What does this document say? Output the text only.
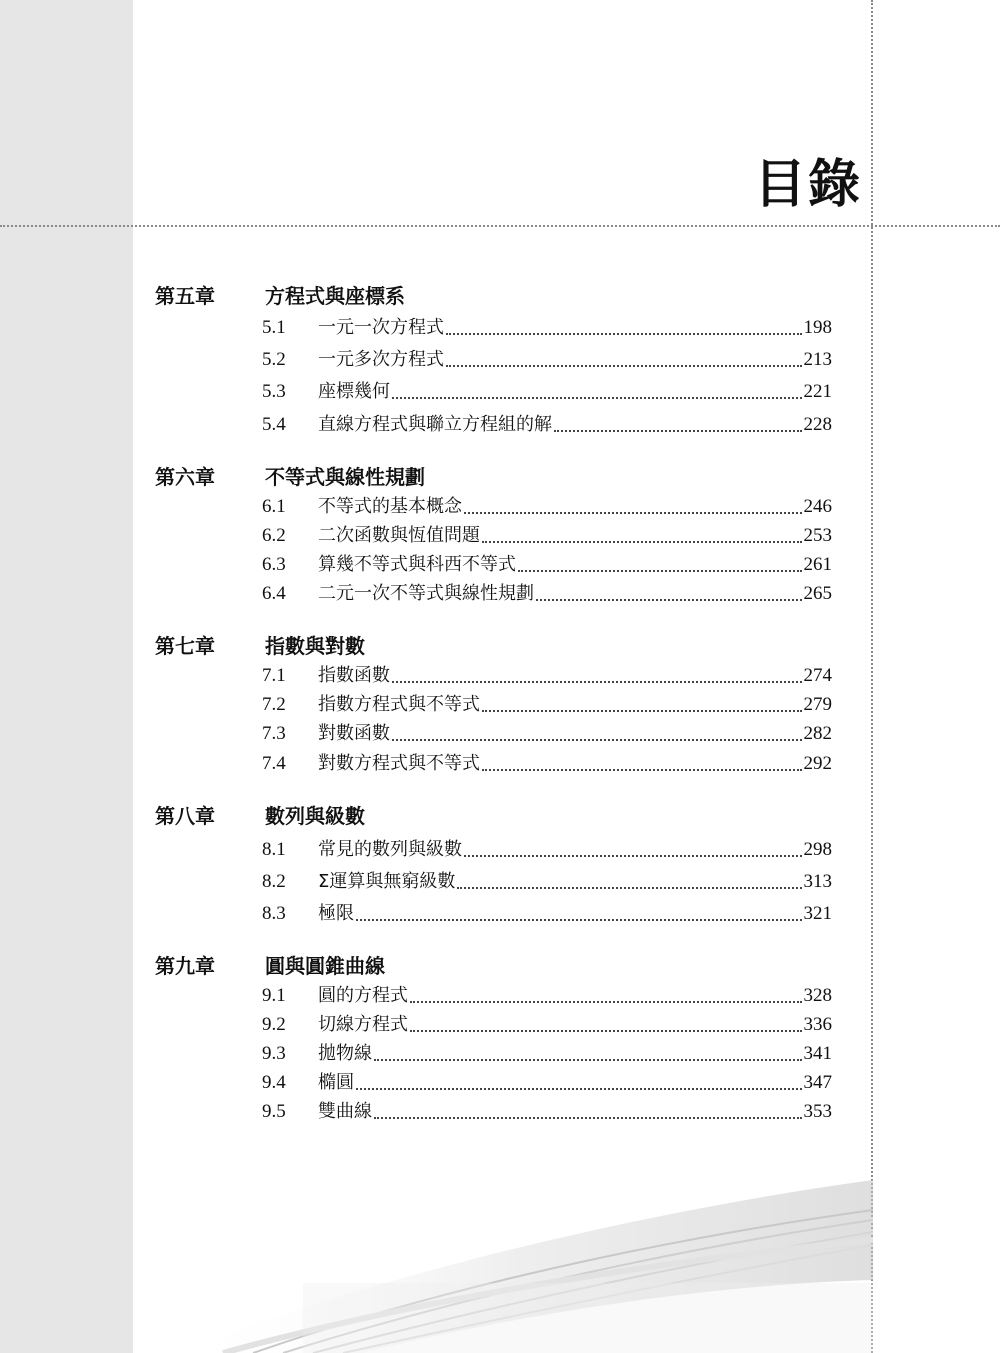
目錄
第五章	方程式與座標系
5.1	一元一次方程式	198
5.2	一元多次方程式	213
5.3	座標幾何	221
5.4	直線方程式與聯立方程組的解	228
第六章	不等式與線性規劃
6.1	不等式的基本概念	246
6.2	二次函數與恆值問題	253
6.3	算幾不等式與科西不等式	261
6.4	二元一次不等式與線性規劃	265
第七章	指數與對數
7.1	指數函數	274
7.2	指數方程式與不等式	279
7.3	對數函數	282
7.4	對數方程式與不等式	292
第八章	數列與級數
8.1	常見的數列與級數	298
8.2	Σ運算與無窮級數	313
8.3	極限	321
第九章	圓與圓錐曲線
9.1	圓的方程式	328
9.2	切線方程式	336
9.3	拋物線	341
9.4	橢圓	347
9.5	雙曲線	353
